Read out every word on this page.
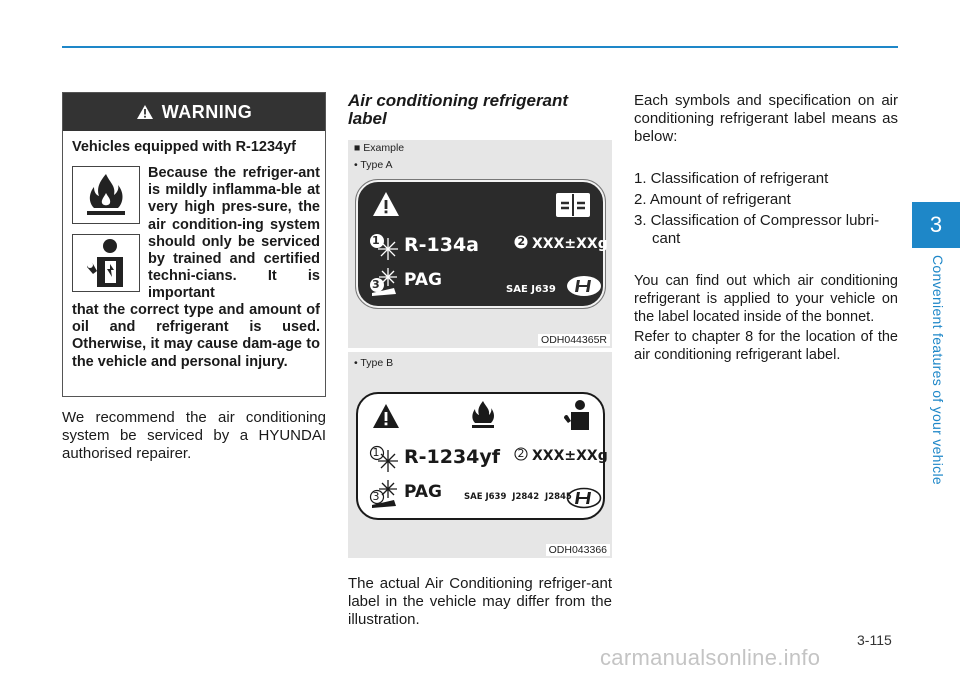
3
Convenient features of your vehicle
WARNING
Vehicles equipped with R-1234yf
Because the refriger-ant is mildly inflamma-ble at very high pres-sure, the air condition-ing system should only be serviced by trained and certified techni-cians. It is important
that the correct type and amount of oil and refrigerant is used. Otherwise, it may cause dam-age to the vehicle and personal injury.
We recommend the air conditioning system be serviced by a HYUNDAI authorised repairer.
Air conditioning refrigerant label
■ Example
• Type A
1 R-134a	2 XXX±XXg
3 PAG	SAE J639
ODH044365R
• Type B
1 R-1234yf 2 XXX±XXg
3 PAG	SAE J639  J2842  J2845
ODH043366
The actual Air Conditioning refriger-ant label in the vehicle may differ from the illustration.
Each symbols and specification on air conditioning refrigerant label means as below:
1. Classification of refrigerant
2. Amount of refrigerant
3. Classification of Compressor lubri-cant
You can find out which air conditioning refrigerant is applied to your vehicle on the label located inside of the bonnet.
Refer to chapter 8 for the location of the air conditioning refrigerant label.
3-115
carmanualsonline.info
